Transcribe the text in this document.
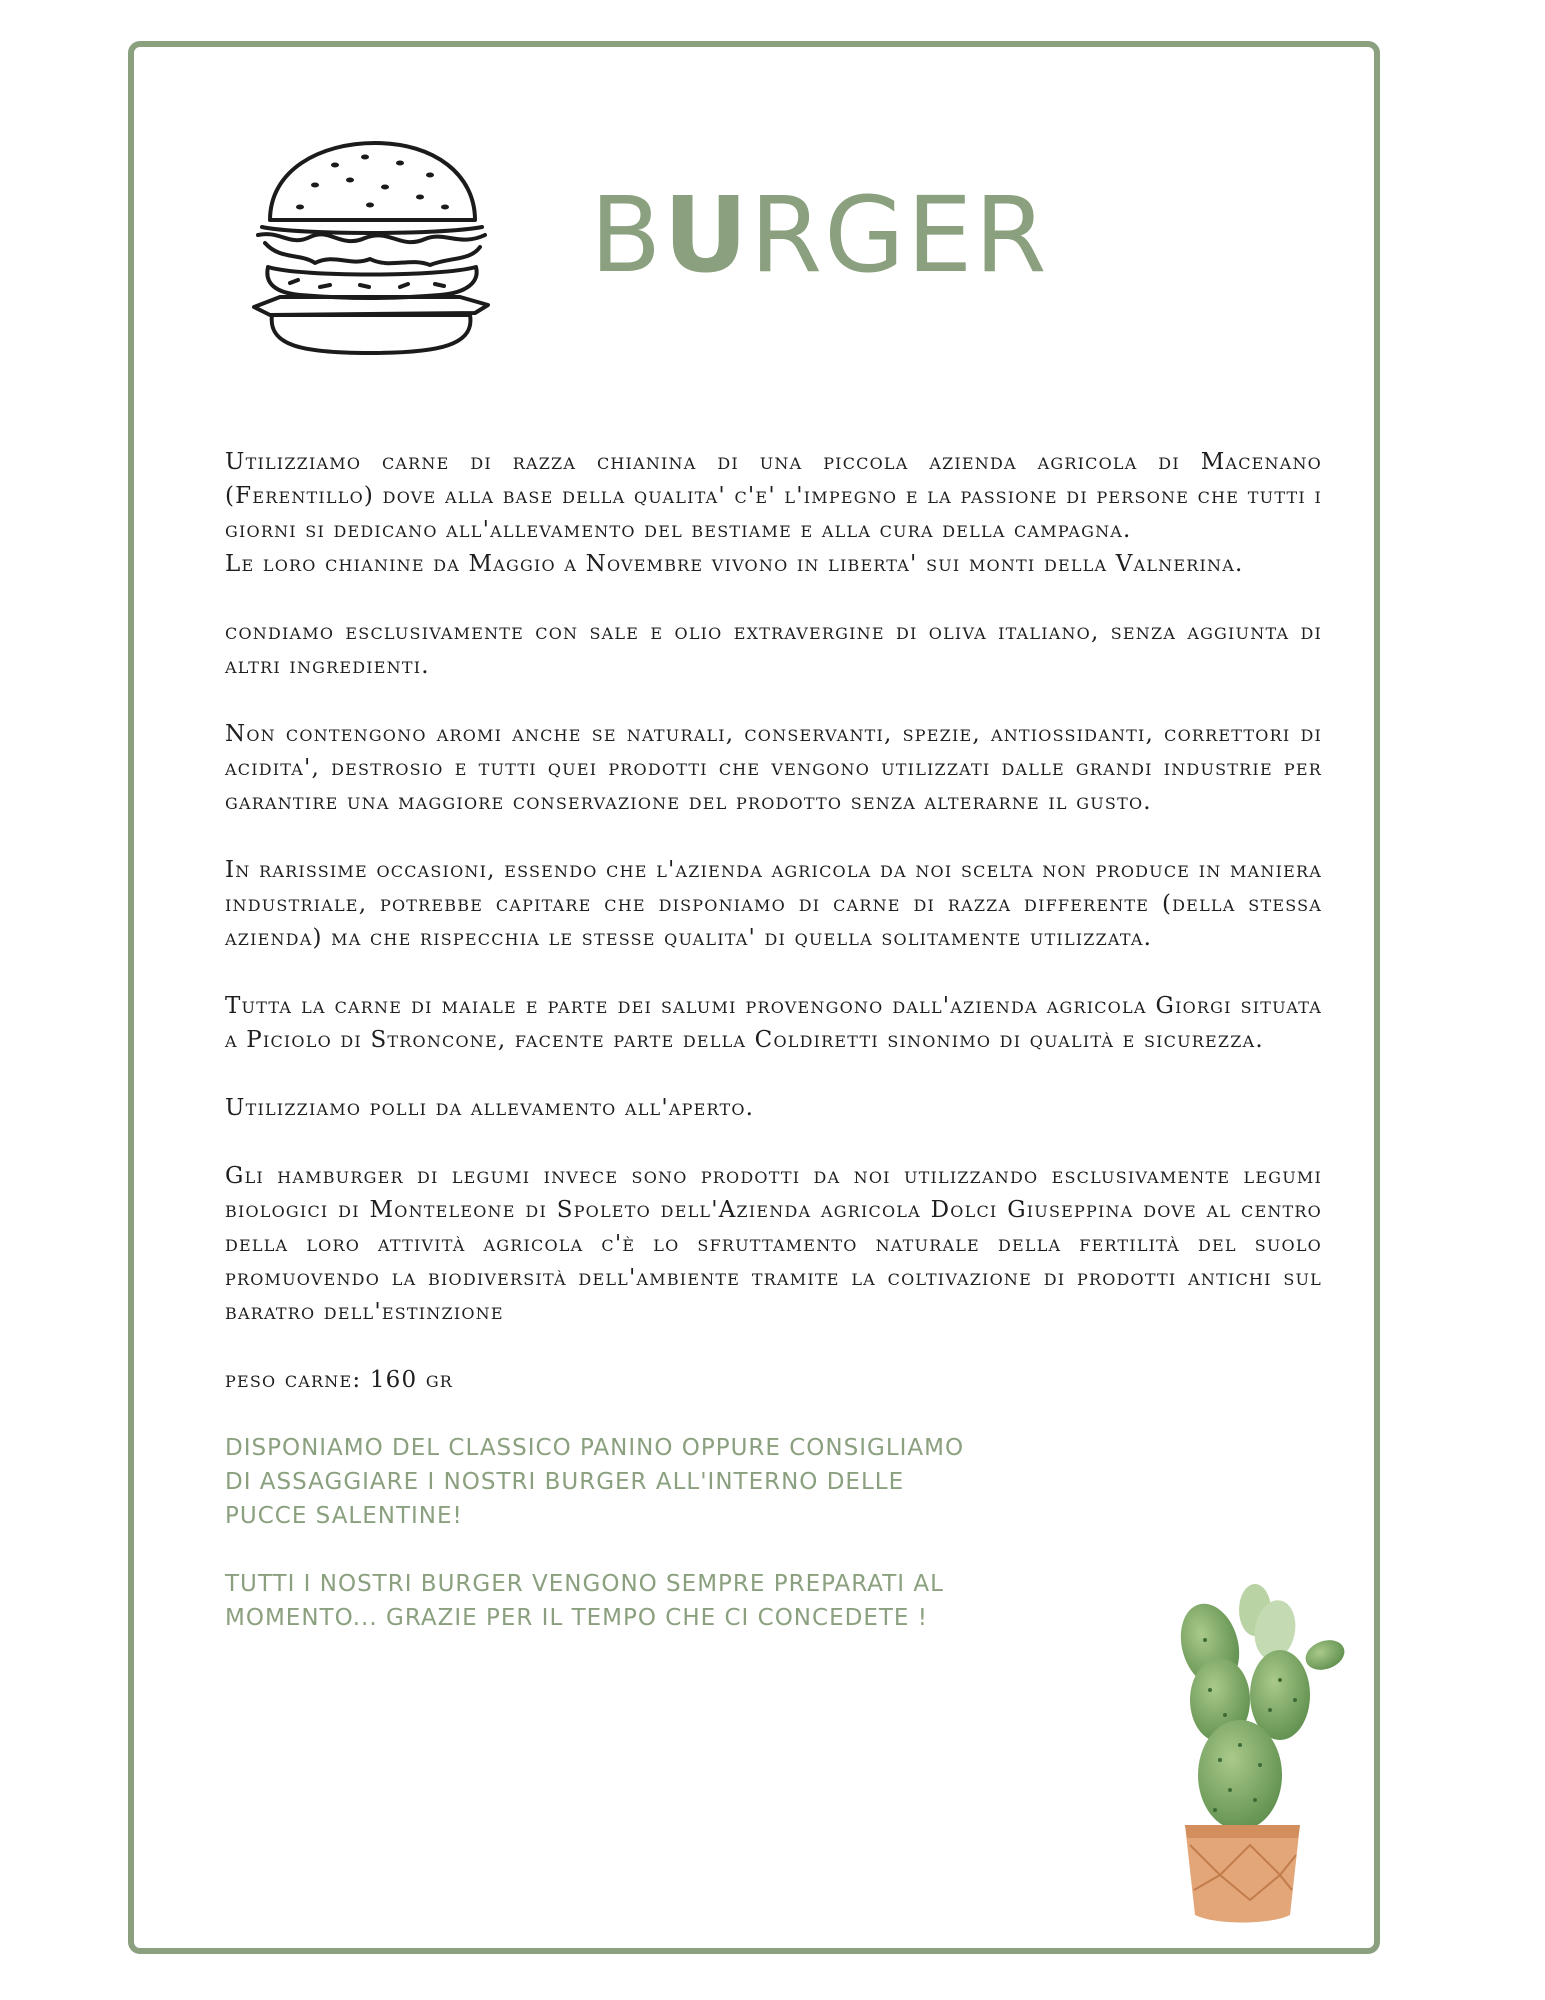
BURGER

Utilizziamo carne di razza chianina di una piccola azienda agricola di Macenano (Ferentillo) dove alla base della qualita' c'e' l'impegno e la passione di persone che tutti i giorni si dedicano all'allevamento del bestiame e alla cura della campagna.
Le loro chianine da Maggio a Novembre vivono in liberta' sui monti della Valnerina.

condiamo esclusivamente con sale e olio extravergine di oliva italiano, senza aggiunta di altri ingredienti.

Non contengono aromi anche se naturali, conservanti, spezie, antiossidanti, correttori di acidita', destrosio e tutti quei prodotti che vengono utilizzati dalle grandi industrie per garantire una maggiore conservazione del prodotto senza alterarne il gusto.

In rarissime occasioni, essendo che l'azienda agricola da noi scelta non produce in maniera industriale, potrebbe capitare che disponiamo di carne di razza differente (della stessa azienda) ma che rispecchia le stesse qualita' di quella solitamente utilizzata.

Tutta la carne di maiale e parte dei salumi provengono dall'azienda agricola Giorgi situata a Piciolo di Stroncone, facente parte della Coldiretti sinonimo di qualità e sicurezza.

Utilizziamo polli da allevamento all'aperto.

Gli hamburger di legumi invece sono prodotti da noi utilizzando esclusivamente legumi biologici di Monteleone di Spoleto dell'Azienda agricola Dolci Giuseppina dove al centro della loro attività agricola c'è lo sfruttamento naturale della fertilità del suolo promuovendo la biodiversità dell'ambiente tramite la coltivazione di prodotti antichi sul baratro dell'estinzione

peso carne: 160 gr

DISPONIAMO DEL CLASSICO PANINO OPPURE CONSIGLIAMO DI ASSAGGIARE I NOSTRI BURGER ALL'INTERNO DELLE PUCCE SALENTINE!

TUTTI I NOSTRI BURGER VENGONO SEMPRE PREPARATI AL MOMENTO... GRAZIE PER IL TEMPO CHE CI CONCEDETE !
